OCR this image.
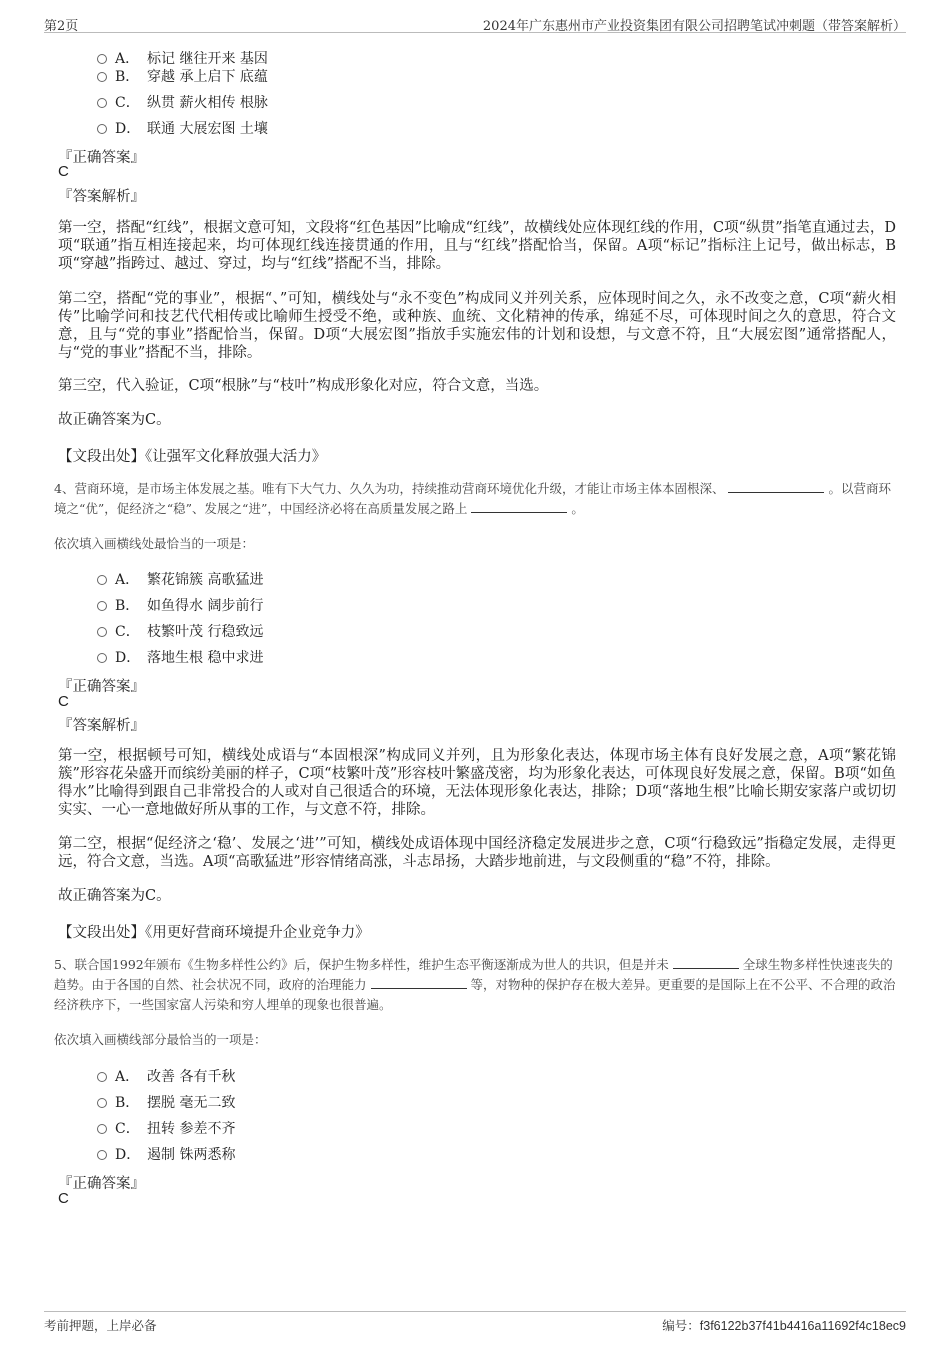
第2页	2024年广东惠州市产业投资集团有限公司招聘笔试冲刺题（带答案解析）
A． 标记 继往开来 基因
B． 穿越 承上启下 底蕴
C． 纵贯 薪火相传 根脉
D． 联通 大展宏图 土壤
『正确答案』
C
『答案解析』
第一空，搭配“红线”，根据文意可知，文段将“红色基因”比喻成“红线”，故横线处应体现红线的作用，C项“纵贯”指笔直通过去，D项“联通”指互相连接起来，均可体现红线连接贯通的作用，且与“红线”搭配恰当，保留。A项“标记”指标注上记号，做出标志，B项“穿越”指跨过、越过、穿过，均与“红线”搭配不当，排除。
第二空，搭配“党的事业”，根据“、”可知，横线处与“永不变色”构成同义并列关系，应体现时间之久，永不改变之意，C项“薪火相传”比喻学问和技艺代代相传或比喻师生授受不绝，或种族、血统、文化精神的传承，绵延不尽，可体现时间之久的意思，符合文意，且与“党的事业”搭配恰当，保留。D项“大展宏图”指放手实施宏伟的计划和设想，与文意不符，且“大展宏图”通常搭配人，与“党的事业”搭配不当，排除。
第三空，代入验证，C项“根脉”与“枝叶”构成形象化对应，符合文意，当选。
故正确答案为C。
【文段出处】《让强军文化释放强大活力》
4、营商环境，是市场主体发展之基。唯有下大气力、久久为功，持续推动营商环境优化升级，才能让市场主体本固根深、	。以营商环境之“优”，促经济之“稳”、发展之“进”，中国经济必将在高质量发展之路上	。
依次填入画横线处最恰当的一项是：
A． 繁花锦簇 高歌猛进
B． 如鱼得水 阔步前行
C． 枝繁叶茂 行稳致远
D． 落地生根 稳中求进
『正确答案』
C
『答案解析』
第一空，根据顿号可知，横线处成语与“本固根深”构成同义并列，且为形象化表达，体现市场主体有良好发展之意，A项“繁花锦簇”形容花朵盛开而缤纷美丽的样子，C项“枝繁叶茂”形容枝叶繁盛茂密，均为形象化表达，可体现良好发展之意，保留。B项“如鱼得水”比喻得到跟自己非常投合的人或对自己很适合的环境，无法体现形象化表达，排除；D项“落地生根”比喻长期安家落户或切切实实、一心一意地做好所从事的工作，与文意不符，排除。
第二空，根据“促经济之‘稳’、发展之‘进’”可知，横线处成语体现中国经济稳定发展进步之意，C项“行稳致远”指稳定发展，走得更远，符合文意，当选。A项“高歌猛进”形容情绪高涨，斗志昂扬，大踏步地前进，与文段侧重的“稳”不符，排除。
故正确答案为C。
【文段出处】《用更好营商环境提升企业竞争力》
5、联合国1992年颁布《生物多样性公约》后，保护生物多样性，维护生态平衡逐渐成为世人的共识，但是并未	全球生物多样性快速丧失的趋势。由于各国的自然、社会状况不同，政府的治理能力	等，对物种的保护存在极大差异。更重要的是国际上在不公平、不合理的政治经济秩序下，一些国家富人污染和穷人埋单的现象也很普遍。
依次填入画横线部分最恰当的一项是：
A． 改善 各有千秋
B． 摆脱 毫无二致
C． 扭转 参差不齐
D． 遏制 铢两悉称
『正确答案』
C
考前押题，上岸必备	编号：f3f6122b37f41b4416a11692f4c18ec9
